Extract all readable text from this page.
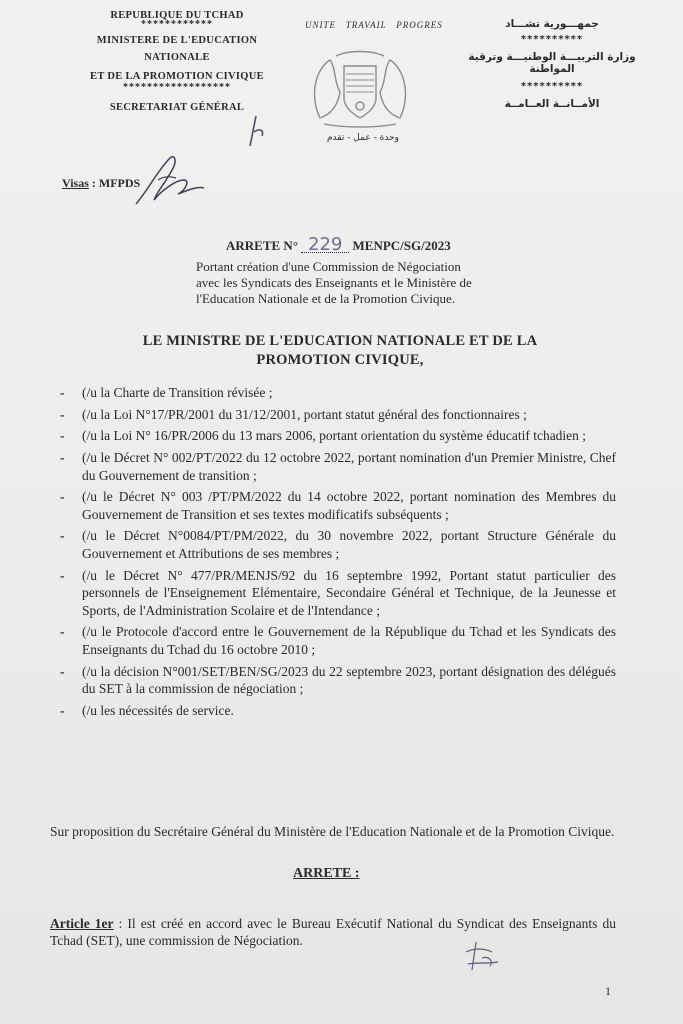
REPUBLIQUE DU TCHAD
************
MINISTERE DE L'EDUCATION
NATIONALE
ET DE LA PROMOTION CIVIQUE
******************
SECRETARIAT GÉNÉRAL
UNITE   TRAVAIL   PROGRES
وحدة - عمل - تقدم
جمهـــورية تشـــاد
**********
وزارة التربيـــة الوطنيـــة وترقية المواطنة
**********
الأمــانــة العــامــة
Visas : MFPDS
ARRETE N° 229 MENPC/SG/2023
Portant création d'une Commission de Négociation
avec les Syndicats des Enseignants et le Ministère de
l'Education Nationale et de la Promotion Civique.
LE MINISTRE DE L'EDUCATION NATIONALE ET DE LA
PROMOTION CIVIQUE,
-	(/u la Charte de Transition révisée ;
-	(/u la Loi N°17/PR/2001 du 31/12/2001, portant statut général des fonctionnaires ;
-	(/u la Loi N° 16/PR/2006 du 13 mars 2006, portant orientation du système éducatif tchadien ;
-	(/u le Décret N° 002/PT/2022 du 12 octobre 2022, portant nomination d'un Premier Ministre, Chef du Gouvernement de transition ;
-	(/u le Décret N° 003 /PT/PM/2022 du 14 octobre 2022, portant nomination des Membres du Gouvernement de Transition et ses textes modificatifs subséquents ;
-	(/u le Décret N°0084/PT/PM/2022, du 30 novembre 2022, portant Structure Générale du Gouvernement et Attributions de ses membres ;
-	(/u le Décret N° 477/PR/MENJS/92 du 16 septembre 1992, Portant statut particulier des personnels de l'Enseignement Elémentaire, Secondaire Général et Technique, de la Jeunesse et Sports, de l'Administration Scolaire et de l'Intendance ;
-	(/u le Protocole d'accord entre le Gouvernement de la République du Tchad et les Syndicats des Enseignants du Tchad du 16 octobre 2010 ;
-	(/u la décision N°001/SET/BEN/SG/2023 du 22 septembre 2023, portant désignation des délégués du SET à la commission de négociation ;
-	(/u les nécessités de service.
Sur proposition du Secrétaire Général du Ministère de l'Education Nationale et de la Promotion Civique.
ARRETE :
Article 1er : Il est créé en accord avec le Bureau Exécutif National du Syndicat des Enseignants du Tchad (SET), une commission de Négociation.
1
